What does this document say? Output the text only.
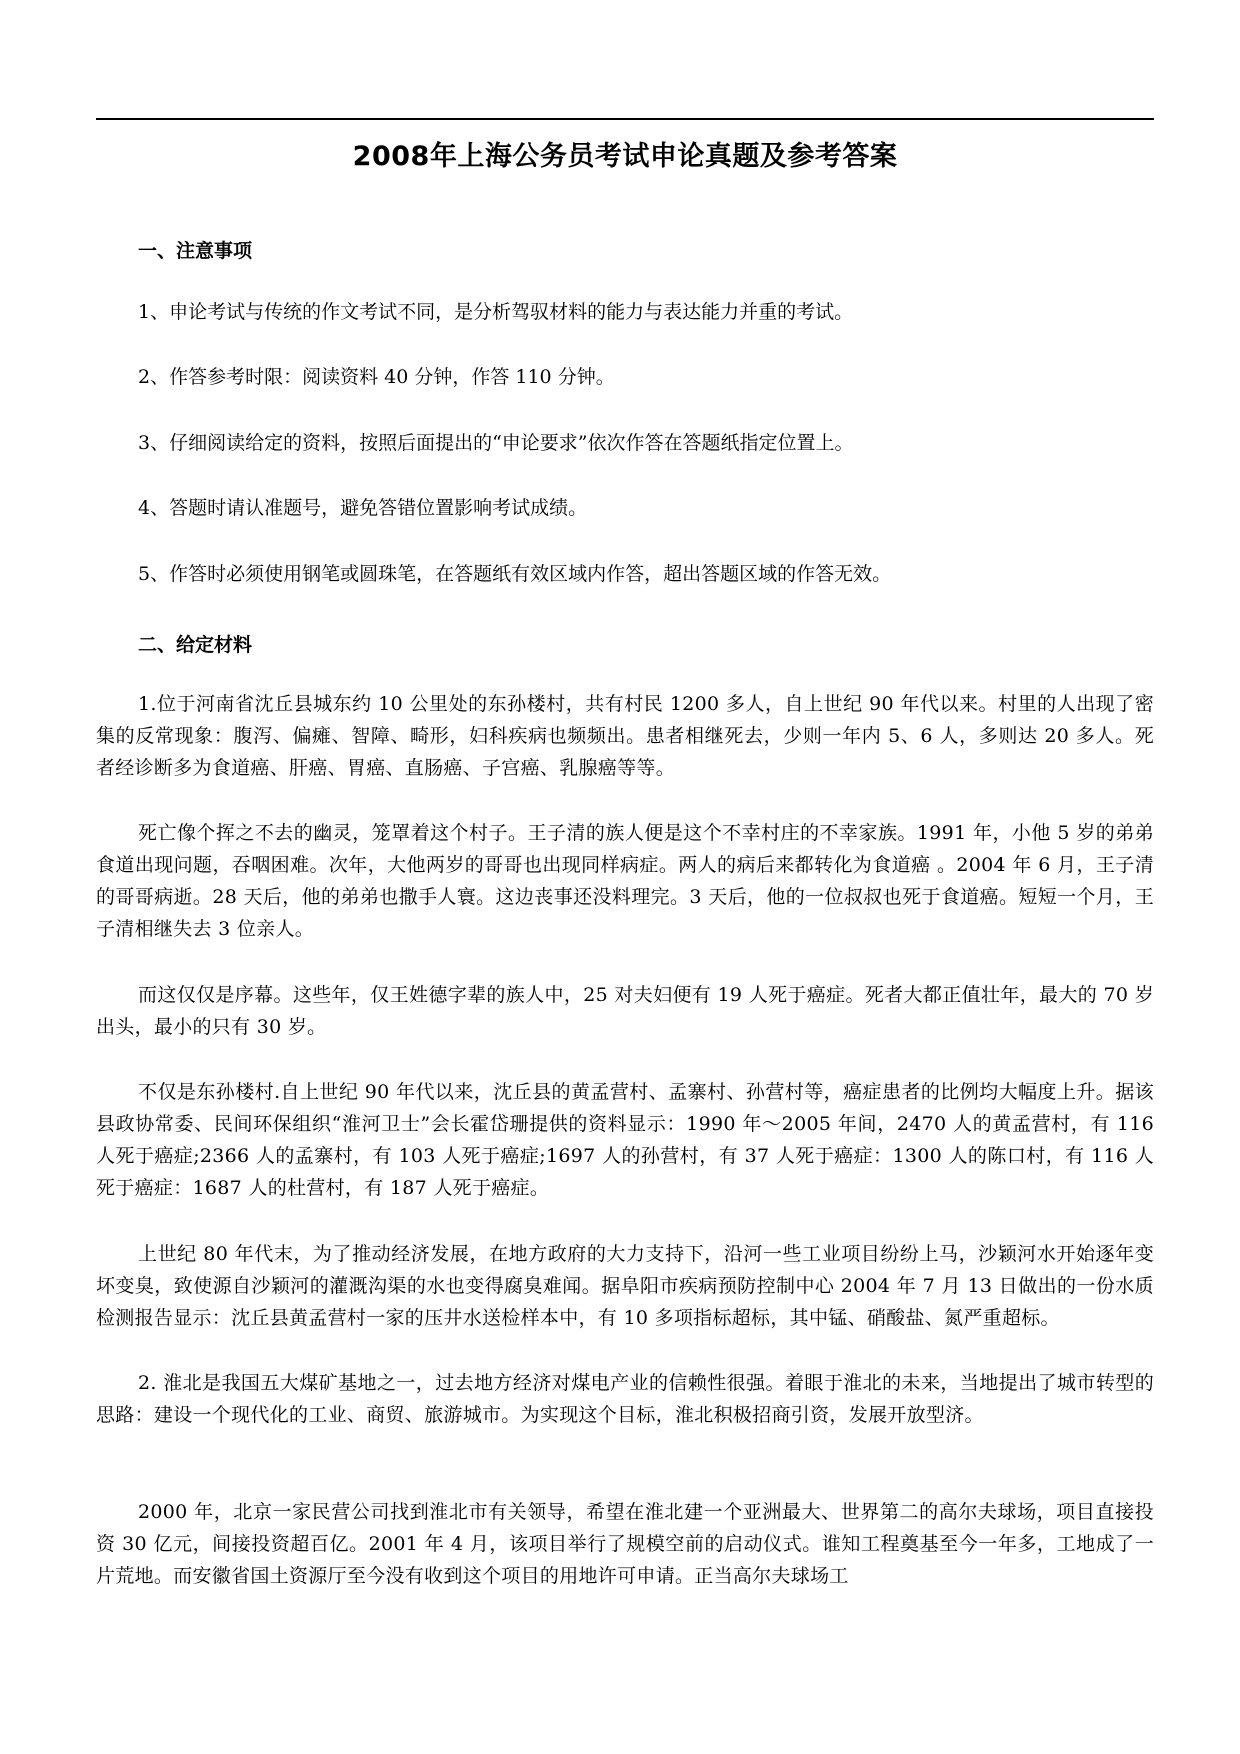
2008年上海公务员考试申论真题及参考答案
一、注意事项
1、申论考试与传统的作文考试不同，是分析驾驭材料的能力与表达能力并重的考试。
2、作答参考时限：阅读资料 40 分钟，作答 110 分钟。
3、仔细阅读给定的资料，按照后面提出的“申论要求”依次作答在答题纸指定位置上。
4、答题时请认准题号，避免答错位置影响考试成绩。
5、作答时必须使用钢笔或圆珠笔，在答题纸有效区域内作答，超出答题区域的作答无效。
二、给定材料
1.位于河南省沈丘县城东约 10 公里处的东孙楼村，共有村民 1200 多人，自上世纪 90 年代以来。村里的人出现了密集的反常现象：腹泻、偏瘫、智障、畸形，妇科疾病也频频出。患者相继死去，少则一年内 5、6 人，多则达 20 多人。死者经诊断多为食道癌、肝癌、胃癌、直肠癌、子宫癌、乳腺癌等等。
死亡像个挥之不去的幽灵，笼罩着这个村子。王子清的族人便是这个不幸村庄的不幸家族。1991 年，小他 5 岁的弟弟食道出现问题，吞咽困难。次年，大他两岁的哥哥也出现同样病症。两人的病后来都转化为食道癌 。2004 年 6 月，王子清的哥哥病逝。28 天后，他的弟弟也撒手人寰。这边丧事还没料理完。3 天后，他的一位叔叔也死于食道癌。短短一个月，王子清相继失去 3 位亲人。
而这仅仅是序幕。这些年，仅王姓德字辈的族人中，25 对夫妇便有 19 人死于癌症。死者大都正值壮年，最大的 70 岁出头，最小的只有 30 岁。
不仅是东孙楼村.自上世纪 90 年代以来，沈丘县的黄孟营村、孟寨村、孙营村等，癌症患者的比例均大幅度上升。据该县政协常委、民间环保组织“淮河卫士”会长霍岱珊提供的资料显示：1990 年～2005 年间，2470 人的黄孟营村，有 116 人死于癌症;2366 人的孟寨村，有 103 人死于癌症;1697 人的孙营村，有 37 人死于癌症：1300 人的陈口村，有 116 人死于癌症：1687 人的杜营村，有 187 人死于癌症。
上世纪 80 年代末，为了推动经济发展，在地方政府的大力支持下，沿河一些工业项目纷纷上马，沙颖河水开始逐年变坏变臭，致使源自沙颖河的灌溉沟渠的水也变得腐臭难闻。据阜阳市疾病预防控制中心 2004 年 7 月 13 日做出的一份水质检测报告显示：沈丘县黄孟营村一家的压井水送检样本中，有 10 多项指标超标，其中锰、硝酸盐、氮严重超标。
2. 淮北是我国五大煤矿基地之一，过去地方经济对煤电产业的信赖性很强。着眼于淮北的未来，当地提出了城市转型的思路：建设一个现代化的工业、商贸、旅游城市。为实现这个目标，淮北积极招商引资，发展开放型济。
2000 年，北京一家民营公司找到淮北市有关领导，希望在淮北建一个亚洲最大、世界第二的高尔夫球场，项目直接投资 30 亿元，间接投资超百亿。2001 年 4 月，该项目举行了规模空前的启动仪式。谁知工程奠基至今一年多，工地成了一片荒地。而安徽省国土资源厅至今没有收到这个项目的用地许可申请。正当高尔夫球场工
